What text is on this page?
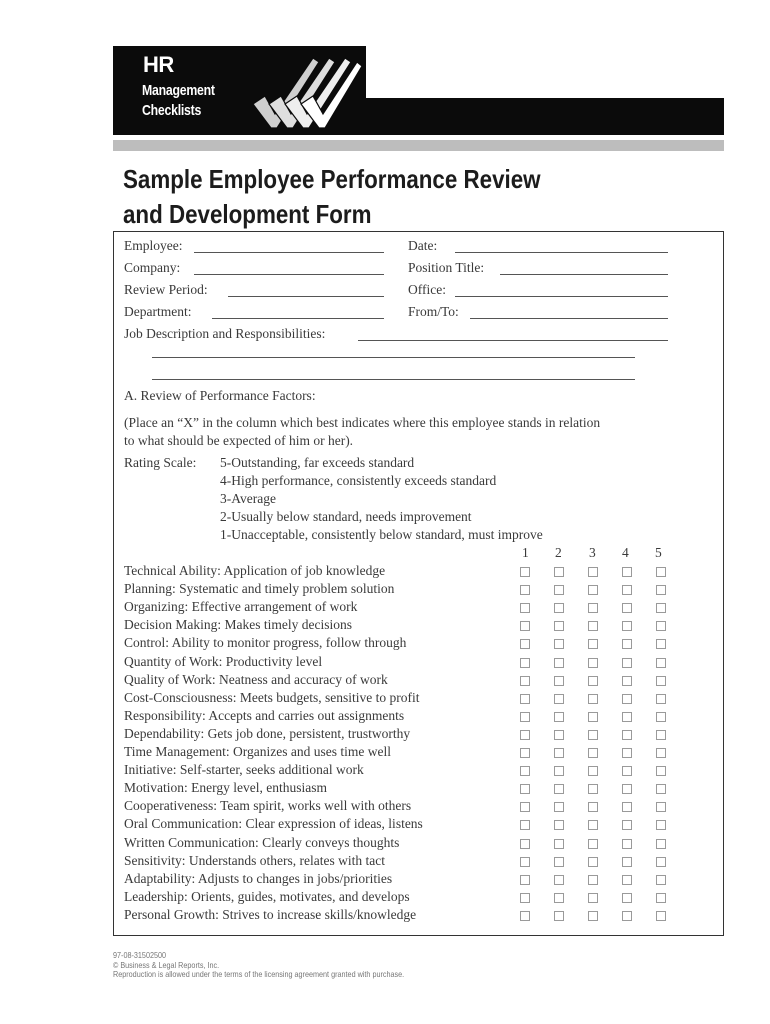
HR
Management
Checklists
Sample Employee Performance Review
and Development Form
Employee:
Company:
Review Period:
Department:
Date:
Position Title:
Office:
From/To:
Job Description and Responsibilities:
A. Review of Performance Factors:
(Place an “X” in the column which best indicates where this employee stands in relation
to what should be expected of him or her).
Rating Scale: 5-Outstanding, far exceeds standard
4-High performance, consistently exceeds standard
3-Average
2-Usually below standard, needs improvement
1-Unacceptable, consistently below standard, must improve
1 2 3 4 5
Technical Ability: Application of job knowledge
Planning: Systematic and timely problem solution
Organizing: Effective arrangement of work
Decision Making: Makes timely decisions
Control: Ability to monitor progress, follow through
Quantity of Work: Productivity level
Quality of Work: Neatness and accuracy of work
Cost-Consciousness: Meets budgets, sensitive to profit
Responsibility: Accepts and carries out assignments
Dependability: Gets job done, persistent, trustworthy
Time Management: Organizes and uses time well
Initiative: Self-starter, seeks additional work
Motivation: Energy level, enthusiasm
Cooperativeness: Team spirit, works well with others
Oral Communication: Clear expression of ideas, listens
Written Communication: Clearly conveys thoughts
Sensitivity: Understands others, relates with tact
Adaptability: Adjusts to changes in jobs/priorities
Leadership: Orients, guides, motivates, and develops
Personal Growth: Strives to increase skills/knowledge
97-08-31502500
© Business & Legal Reports, Inc.
Reproduction is allowed under the terms of the licensing agreement granted with purchase.
